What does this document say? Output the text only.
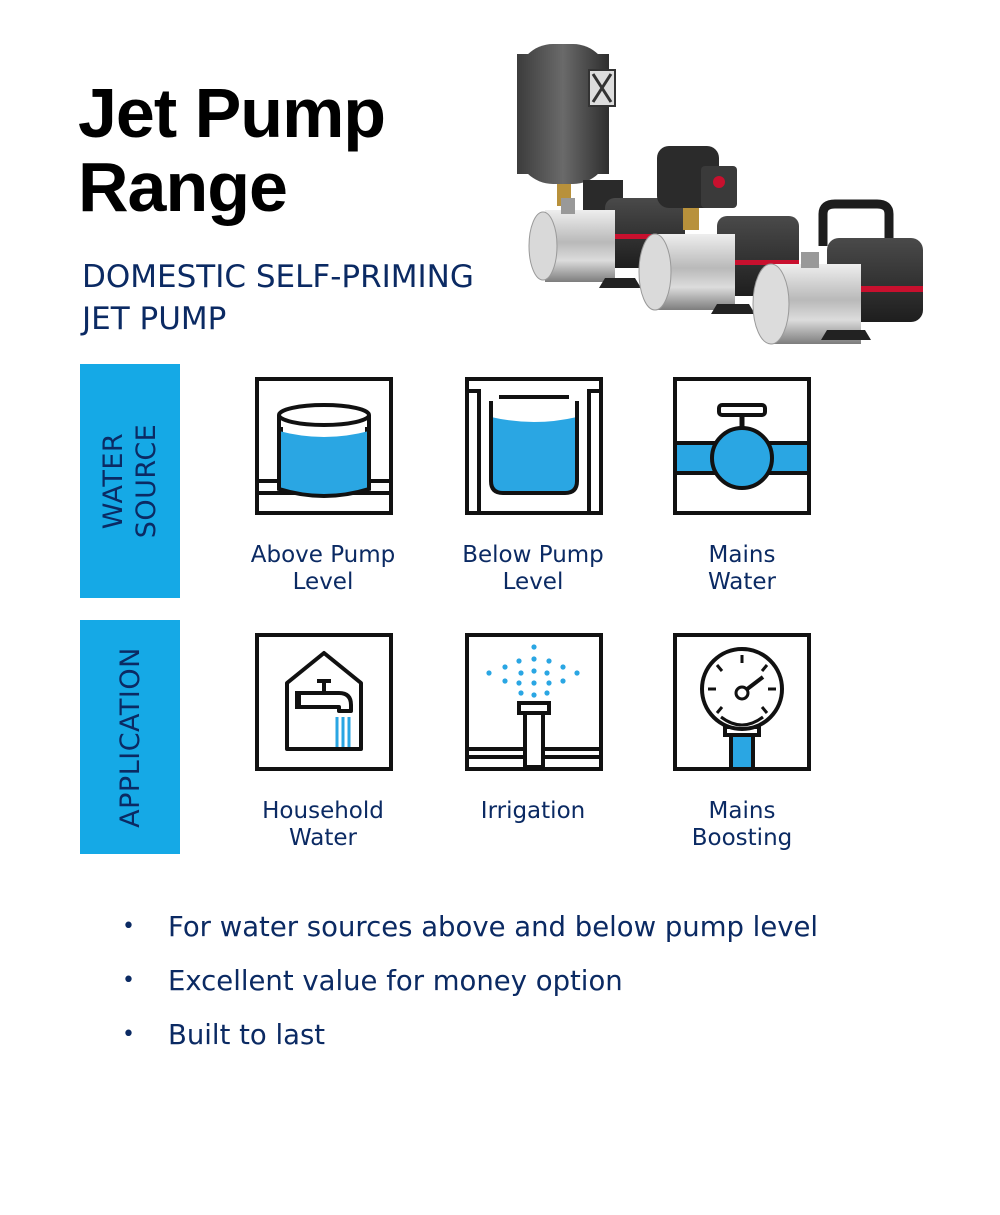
Jet Pump
Range
DOMESTIC SELF-PRIMING
JET PUMP
WATER SOURCE
APPLICATION
Above Pump
Level
Below Pump
Level
Mains
Water
Household
Water
Irrigation	Mains
Boosting
• For water sources above and below pump level
• Excellent value for money option
• Built to last
